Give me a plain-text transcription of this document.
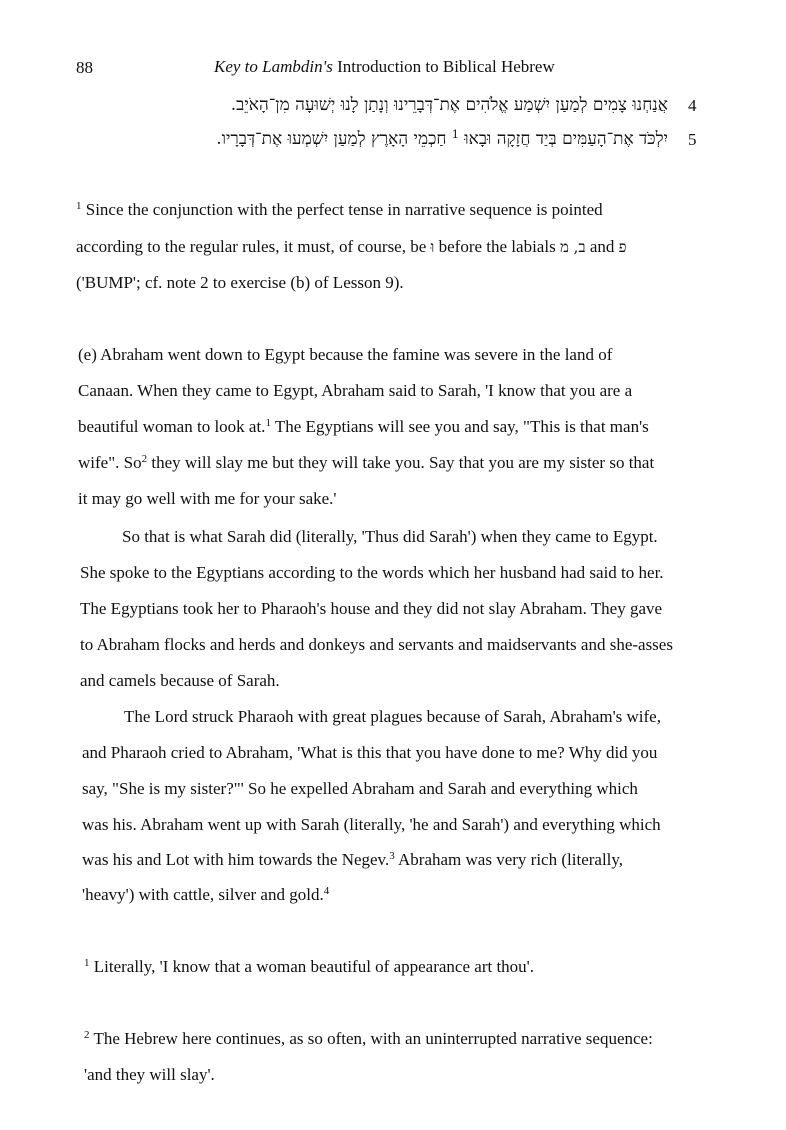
88	Key to Lambdin's Introduction to Biblical Hebrew
4
אֲנַחְנוּ צָמִים לְמַעַן יִשְׁמַע אֱלֹהִים אֶת־דְּבָרֵינוּ וְנָתַן לָנוּ יְשׁוּעָה מִן־הָאֹיֵב.
5
יִלְכֹּד אֶת־הָעַמִּים בְּיַד חֲזָקָה וּבָאוּ $^1$ חַכְמֵי הָאָרֶץ לְמַעַן יִשְׁמְעוּ אֶת־דְּבָרָיו.
$^1$ Since the conjunction with the perfect tense in narrative sequence is pointed
according to the regular rules, it must, of course, be וּ before the labials ב, מ and פ
('BUMP'; cf. note 2 to exercise (b) of Lesson 9).
(e) Abraham went down to Egypt because the famine was severe in the land of
Canaan. When they came to Egypt, Abraham said to Sarah, 'I know that you are a
beautiful woman to look at.$^1$ The Egyptians will see you and say, "This is that man's
wife". So$^2$ they will slay me but they will take you. Say that you are my sister so that
it may go well with me for your sake.'
So that is what Sarah did (literally, 'Thus did Sarah') when they came to Egypt.
She spoke to the Egyptians according to the words which her husband had said to her.
The Egyptians took her to Pharaoh's house and they did not slay Abraham. They gave
to Abraham flocks and herds and donkeys and servants and maidservants and she-asses
and camels because of Sarah.
The Lord struck Pharaoh with great plagues because of Sarah, Abraham's wife,
and Pharaoh cried to Abraham, 'What is this that you have done to me? Why did you
say, "She is my sister?"' So he expelled Abraham and Sarah and everything which
was his. Abraham went up with Sarah (literally, 'he and Sarah') and everything which
was his and Lot with him towards the Negev.$^3$ Abraham was very rich (literally,
'heavy') with cattle, silver and gold.$^4$
$^1$ Literally, 'I know that a woman beautiful of appearance art thou'.
$^2$ The Hebrew here continues, as so often, with an uninterrupted narrative sequence:
'and they will slay'.
